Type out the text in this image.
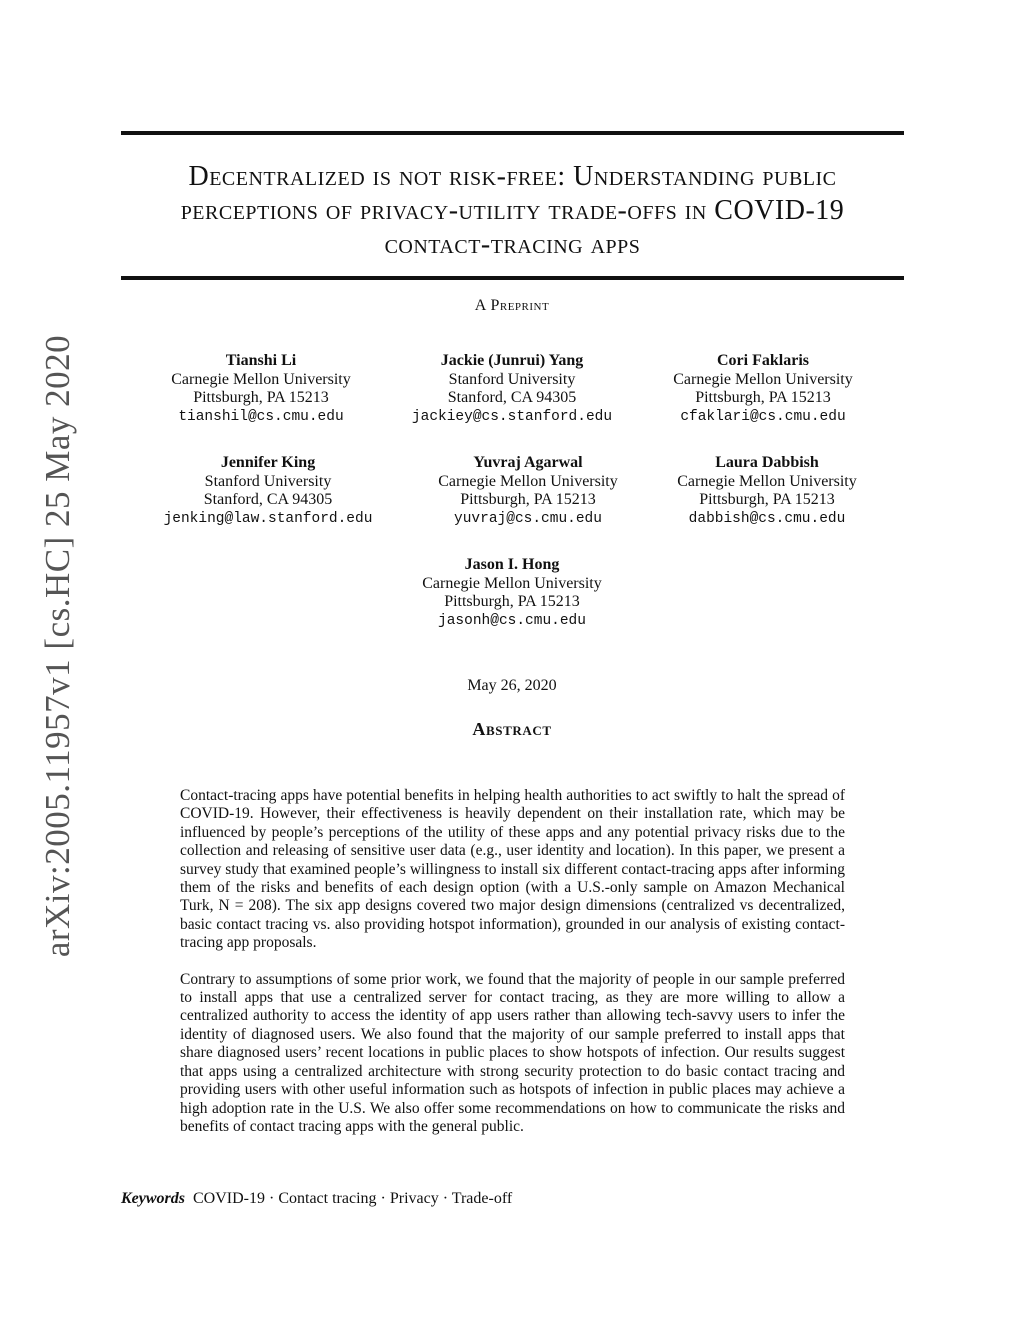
arXiv:2005.11957v1 [cs.HC] 25 May 2020
Decentralized is not risk-free: Understanding public
perceptions of privacy-utility trade-offs in COVID-19
contact-tracing apps
A Preprint
Tianshi Li
Carnegie Mellon University
Pittsburgh, PA 15213
tianshil@cs.cmu.edu
Jackie (Junrui) Yang
Stanford University
Stanford, CA 94305
jackiey@cs.stanford.edu
Cori Faklaris
Carnegie Mellon University
Pittsburgh, PA 15213
cfaklari@cs.cmu.edu
Jennifer King
Stanford University
Stanford, CA 94305
jenking@law.stanford.edu
Yuvraj Agarwal
Carnegie Mellon University
Pittsburgh, PA 15213
yuvraj@cs.cmu.edu
Laura Dabbish
Carnegie Mellon University
Pittsburgh, PA 15213
dabbish@cs.cmu.edu
Jason I. Hong
Carnegie Mellon University
Pittsburgh, PA 15213
jasonh@cs.cmu.edu
May 26, 2020
Abstract

Contact-tracing apps have potential benefits in helping health authorities to act swiftly to halt the spread of COVID-19. However, their effectiveness is heavily dependent on their installation rate, which may be influenced by people’s perceptions of the utility of these apps and any potential privacy risks due to the collection and releasing of sensitive user data (e.g., user identity and location). In this paper, we present a survey study that examined people’s willingness to install six different contact-tracing apps after informing them of the risks and benefits of each design option (with a U.S.-only sample on Amazon Mechanical Turk, N = 208). The six app designs covered two major design dimensions (centralized vs decentralized, basic contact tracing vs. also providing hotspot information), grounded in our analysis of existing contact-tracing app proposals.

Contrary to assumptions of some prior work, we found that the majority of people in our sample preferred to install apps that use a centralized server for contact tracing, as they are more willing to allow a centralized authority to access the identity of app users rather than allowing tech-savvy users to infer the identity of diagnosed users. We also found that the majority of our sample preferred to install apps that share diagnosed users’ recent locations in public places to show hotspots of infection. Our results suggest that apps using a centralized architecture with strong security protection to do basic contact tracing and providing users with other useful information such as hotspots of infection in public places may achieve a high adoption rate in the U.S. We also offer some recommendations on how to communicate the risks and benefits of contact tracing apps with the general public.

Keywords COVID-19 · Contact tracing · Privacy · Trade-off
